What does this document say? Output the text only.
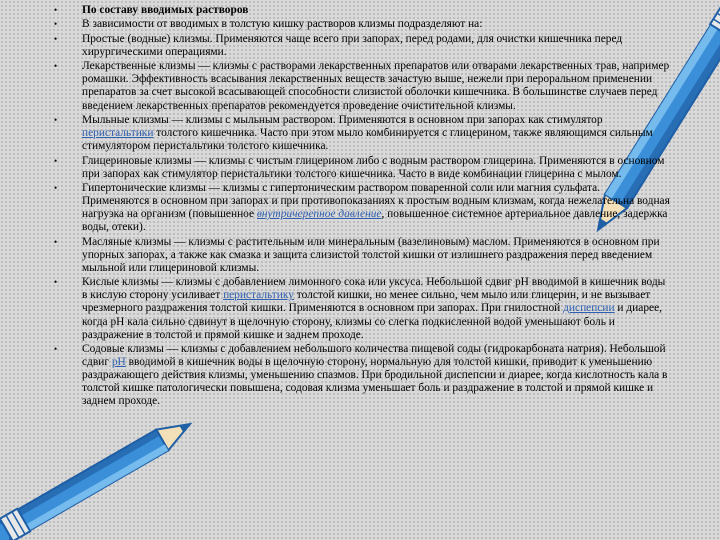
• По составу вводимых растворов
• В зависимости от вводимых в толстую кишку растворов клизмы подразделяют на:
• Простые (водные) клизмы. Применяются чаще всего при запорах, перед родами, для очистки кишечника перед хирургическими операциями.
• Лекарственные клизмы — клизмы с растворами лекарственных препаратов или отварами лекарственных трав, например ромашки. Эффективность всасывания лекарственных веществ зачастую выше, нежели при пероральном применении препаратов за счет высокой всасывающей способности слизистой оболочки кишечника. В большинстве случаев перед введением лекарственных препаратов рекомендуется проведение очистительной клизмы.
• Мыльные клизмы — клизмы с мыльным раствором. Применяются в основном при запорах как стимулятор перистальтики толстого кишечника. Часто при этом мыло комбинируется с глицерином, также являющимся сильным стимулятором перистальтики толстого кишечника.
• Глицериновые клизмы — клизмы с чистым глицерином либо с водным раствором глицерина. Применяются в основном при запорах как стимулятор перистальтики толстого кишечника. Часто в виде комбинации глицерина с мылом.
• Гипертонические клизмы — клизмы с гипертоническим раствором поваренной соли или магния сульфата. Применяются в основном при запорах и при противопоказаниях к простым водным клизмам, когда нежелательна водная нагрузка на организм (повышенное внутричерепное давление, повышенное системное артериальное давление, задержка воды, отеки).
• Масляные клизмы — клизмы с растительным или минеральным (вазелиновым) маслом. Применяются в основном при упорных запорах, а также как смазка и защита слизистой толстой кишки от излишнего раздражения перед введением мыльной или глицериновой клизмы.
• Кислые клизмы — клизмы с добавлением лимонного сока или уксуса. Небольшой сдвиг рН вводимой в кишечник воды в кислую сторону усиливает перистальтику толстой кишки, но менее сильно, чем мыло или глицерин, и не вызывает чрезмерного раздражения толстой кишки. Применяются в основном при запорах. При гнилостной диспепсии и диарее, когда рН кала сильно сдвинут в щелочную сторону, клизмы со слегка подкисленной водой уменьшают боль и раздражение в толстой и прямой кишке и заднем проходе.
• Содовые клизмы — клизмы с добавлением небольшого количества пищевой соды (гидрокарбоната натрия). Небольшой сдвиг рН вводимой в кишечник воды в щелочную сторону, нормальную для толстой кишки, приводит к уменьшению раздражающего действия клизмы, уменьшению спазмов. При бродильной диспепсии и диарее, когда кислотность кала в толстой кишке патологически повышена, содовая клизма уменьшает боль и раздражение в толстой и прямой кишке и заднем проходе.
